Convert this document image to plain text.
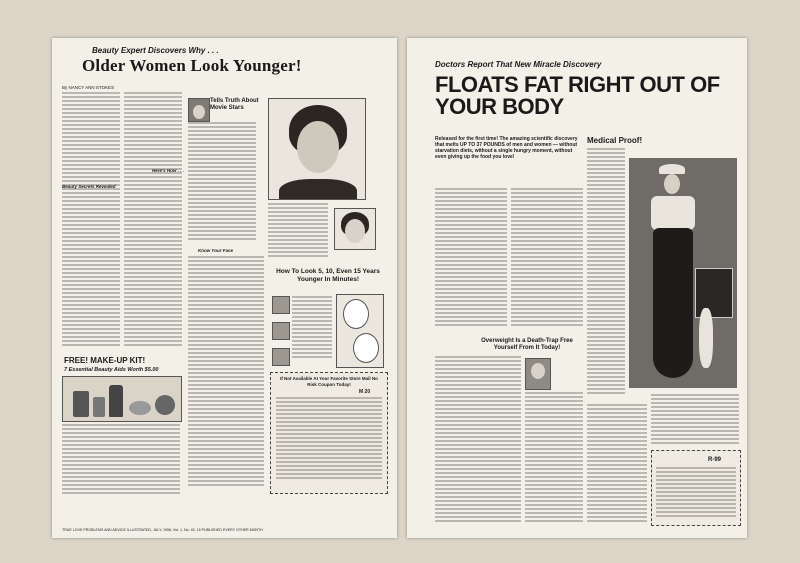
Beauty Expert Discovers Why . . .
Older Women Look Younger!
By NANCY ANN STOKES
Beauty Secrets Revealed
Here's How . . .
Tells Truth About Movie Stars
How To Look 5, 10, Even 15 Years Younger In Minutes!
If Not Available At Your Favorite Store Mail No Risk Coupon Today!
M 20
Know Your Face
FREE! MAKE-UP KIT!
7 Essential Beauty Aids Worth $5.00
TRUE LOVE PROBLEMS AND ADVICE ILLUSTRATED, JULY, 1956, Vol. 1, No. 40, 15 PUBLISHED EVERY OTHER MONTH
Doctors Report That New Miracle Discovery
FLOATS FAT RIGHT OUT OF YOUR BODY
Released for the first time! The amazing scientific discovery that melts UP TO 37 POUNDS of men and women — without starvation diets, without a single hungry moment, without even giving up the food you love!
Medical Proof!
Overweight Is a Death-Trap Free Yourself From It Today!
R-99
